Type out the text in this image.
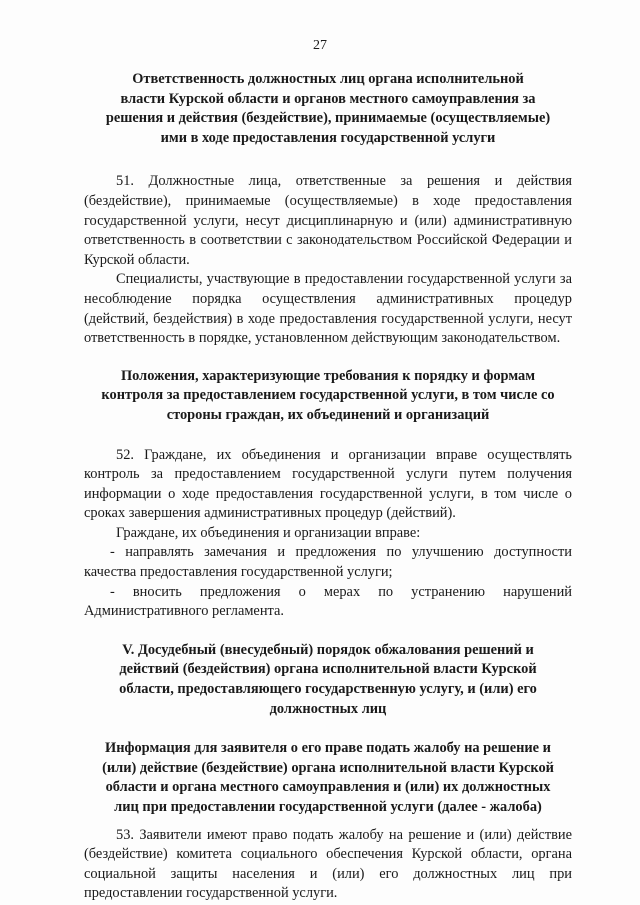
27
Ответственность должностных лиц органа исполнительной
власти Курской области и органов местного самоуправления за
решения и действия (бездействие), принимаемые (осуществляемые)
ими в ходе предоставления государственной услуги

51. Должностные лица, ответственные за решения и действия (бездействие), принимаемые (осуществляемые) в ходе предоставления государственной услуги, несут дисциплинарную и (или) административную ответственность в соответствии с законодательством Российской Федерации и Курской области.

Специалисты, участвующие в предоставлении государственной услуги за несоблюдение порядка осуществления административных процедур (действий, бездействия) в ходе предоставления государственной услуги, несут ответственность в порядке, установленном действующим законодательством.

Положения, характеризующие требования к порядку и формам
контроля за предоставлением государственной услуги, в том числе со
стороны граждан, их объединений и организаций

52. Граждане, их объединения и организации вправе осуществлять контроль за предоставлением государственной услуги путем получения информации о ходе предоставления государственной услуги, в том числе о сроках завершения административных процедур (действий).

Граждане, их объединения и организации вправе:

- направлять замечания и предложения по улучшению доступности качества предоставления государственной услуги;

- вносить предложения о мерах по устранению нарушений Административного регламента.

V. Досудебный (внесудебный) порядок обжалования решений и
действий (бездействия) органа исполнительной власти Курской
области, предоставляющего государственную услугу, и (или) его
должностных лиц
Информация для заявителя о его праве подать жалобу на решение и
(или) действие (бездействие) органа исполнительной власти Курской
области и органа местного самоуправления и (или) их должностных
лиц при предоставлении государственной услуги (далее - жалоба)

53. Заявители имеют право подать жалобу на решение и (или) действие (бездействие) комитета социального обеспечения Курской области, органа социальной защиты населения и (или) его должностных лиц при предоставлении государственной услуги.
